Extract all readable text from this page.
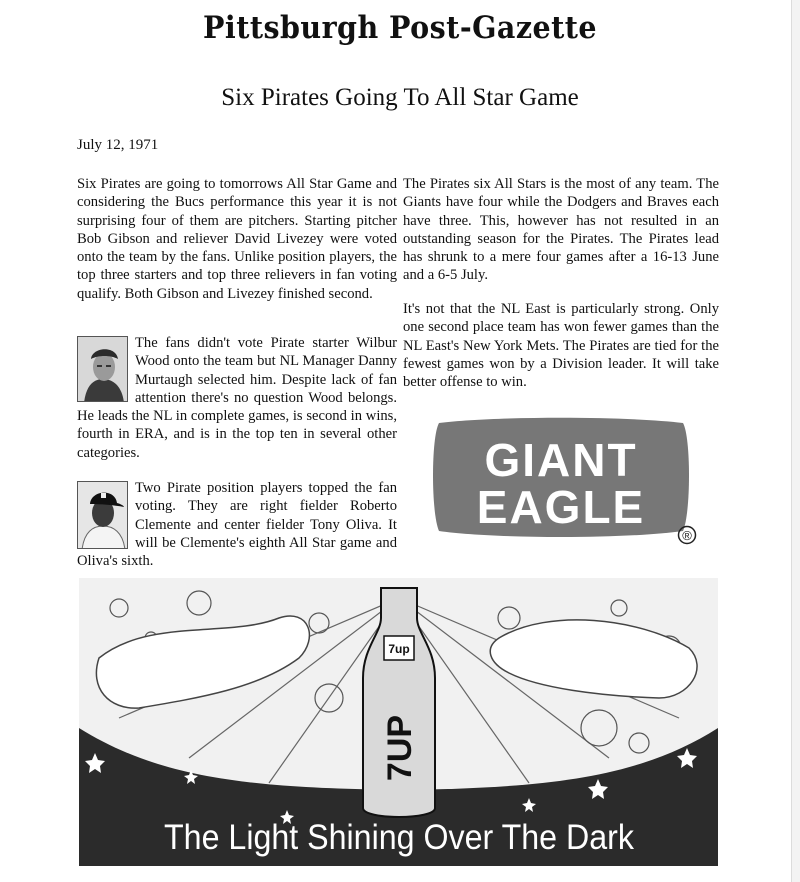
Pittsburgh Post-Gazette
Six Pirates Going To All Star Game
July 12, 1971

Six Pirates are going to tomorrows All Star Game and considering the Bucs performance this year it is not surprising four of them are pitchers. Starting pitcher Bob Gibson and reliever David Livezey were voted onto the team by the fans. Unlike position players, the top three starters and top three relievers in fan voting qualify. Both Gibson and Livezey finished second.

The Pirates six All Stars is the most of any team. The Giants have four while the Dodgers and Braves each have three. This, however has not resulted in an outstanding season for the Pirates. The Pirates lead has shrunk to a mere four games after a 16-13 June and a 6-5 July.

It's not that the NL East is particularly strong. Only one second place team has won fewer games than the NL East's New York Mets. The Pirates are tied for the fewest games won by a Division leader. It will take better offense to win.

The fans didn't vote Pirate starter Wilbur Wood onto the team but NL Manager Danny Murtaugh selected him. Despite lack of fan attention there's no question Wood belongs. He leads the NL in complete games, is second in wins, fourth in ERA, and is in the top ten in several other categories.

Two Pirate position players topped the fan voting. They are right fielder Roberto Clemente and center fielder Tony Oliva. It will be Clemente's eighth All Star game and Oliva's sixth.

GIANT
EAGLE
®
7up
7UP
The Light Shining Over The Dark
